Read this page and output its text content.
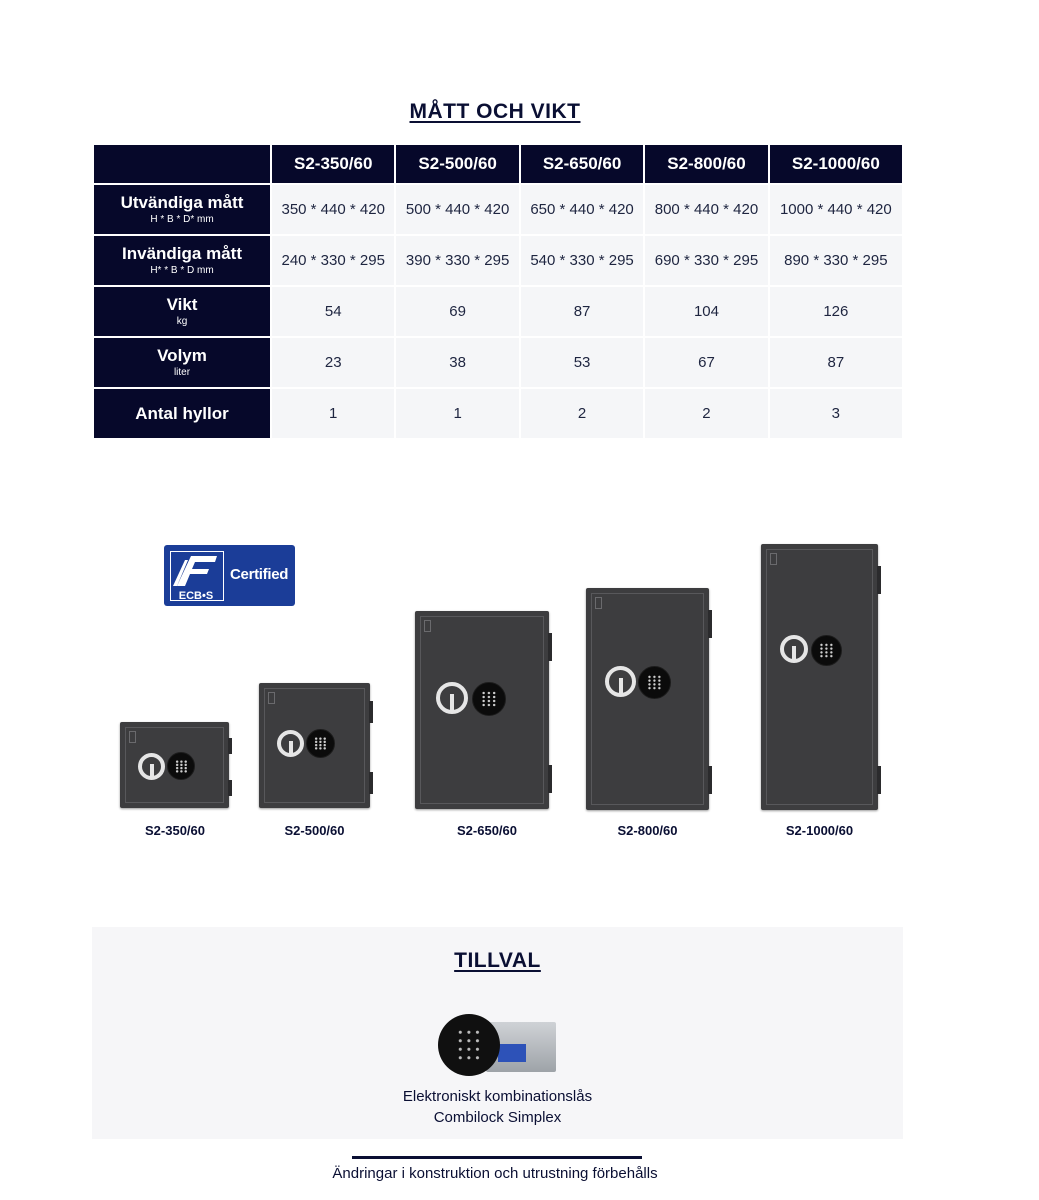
MÅTT OCH VIKT
	S2-350/60	S2-500/60	S2-650/60	S2-800/60	S2-1000/60

Utvändiga mått
H * B * D* mm	350 * 440 * 420	500 * 440 * 420	650 * 440 * 420	800 * 440 * 420	1000 * 440 * 420

Invändiga mått
H* * B * D mm	240 * 330 * 295	390 * 330 * 295	540 * 330 * 295	690 * 330 * 295	890 * 330 * 295

Vikt
kg	54	69	87	104	126

Volym
liter	23	38	53	67	87

Antal hyllor	1	1	2	2	3
ECB•S
Certified
S2-350/60	S2-500/60	S2-650/60	S2-800/60	S2-1000/60
TILLVAL
Elektroniskt kombinationslås
Combilock Simplex
Ändringar i konstruktion och utrustning förbehålls
